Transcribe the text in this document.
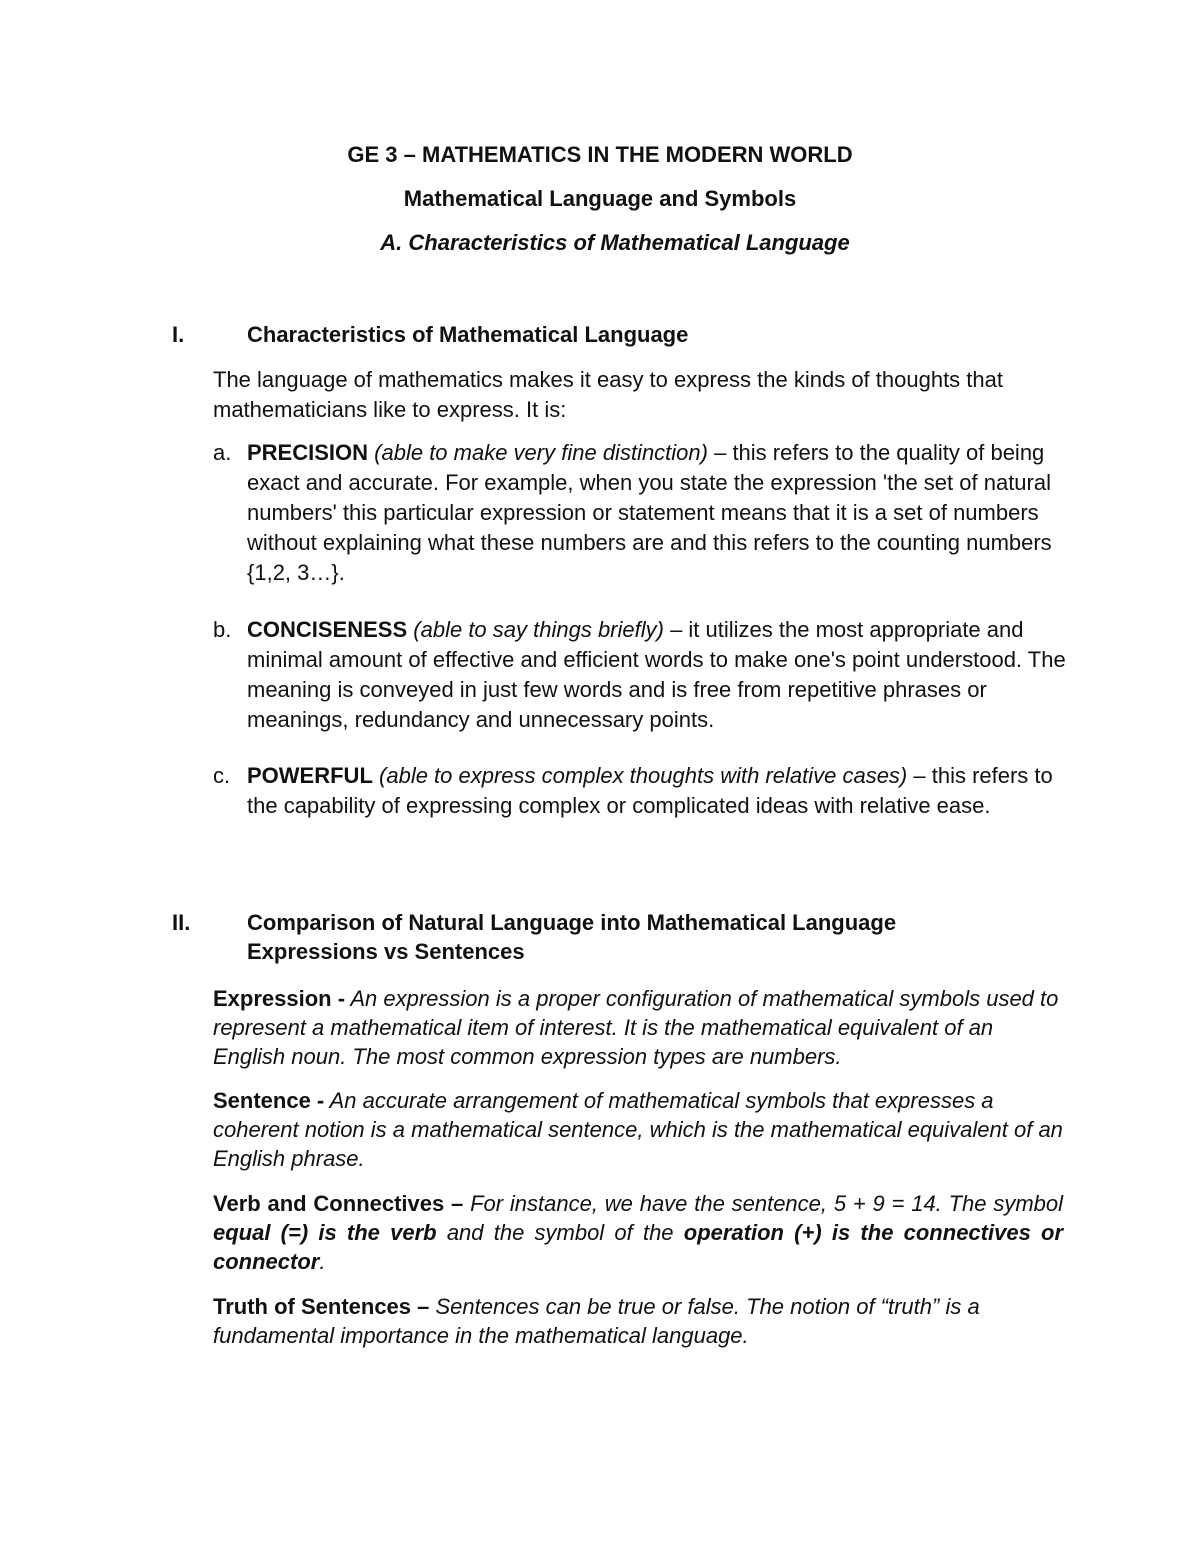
GE 3 – MATHEMATICS IN THE MODERN WORLD

Mathematical Language and Symbols

A. Characteristics of Mathematical Language

I.	Characteristics of Mathematical Language

The language of mathematics makes it easy to express the kinds of thoughts that mathematicians like to express. It is:

a. PRECISION (able to make very fine distinction) – this refers to the quality of being exact and accurate. For example, when you state the expression 'the set of natural numbers' this particular expression or statement means that it is a set of numbers without explaining what these numbers are and this refers to the counting numbers {1,2, 3…}.
b. CONCISENESS (able to say things briefly) – it utilizes the most appropriate and minimal amount of effective and efficient words to make one's point understood. The meaning is conveyed in just few words and is free from repetitive phrases or meanings, redundancy and unnecessary points.
c. POWERFUL (able to express complex thoughts with relative cases) – this refers to the capability of expressing complex or complicated ideas with relative ease.
II.	Comparison of Natural Language into Mathematical Language
Expressions vs Sentences
Expression - An expression is a proper configuration of mathematical symbols used to represent a mathematical item of interest. It is the mathematical equivalent of an English noun. The most common expression types are numbers.
Sentence - An accurate arrangement of mathematical symbols that expresses a coherent notion is a mathematical sentence, which is the mathematical equivalent of an English phrase.
Verb and Connectives – For instance, we have the sentence, 5 + 9 = 14. The symbol equal (=) is the verb and the symbol of the operation (+) is the connectives or connector.
Truth of Sentences – Sentences can be true or false. The notion of “truth” is a fundamental importance in the mathematical language.
